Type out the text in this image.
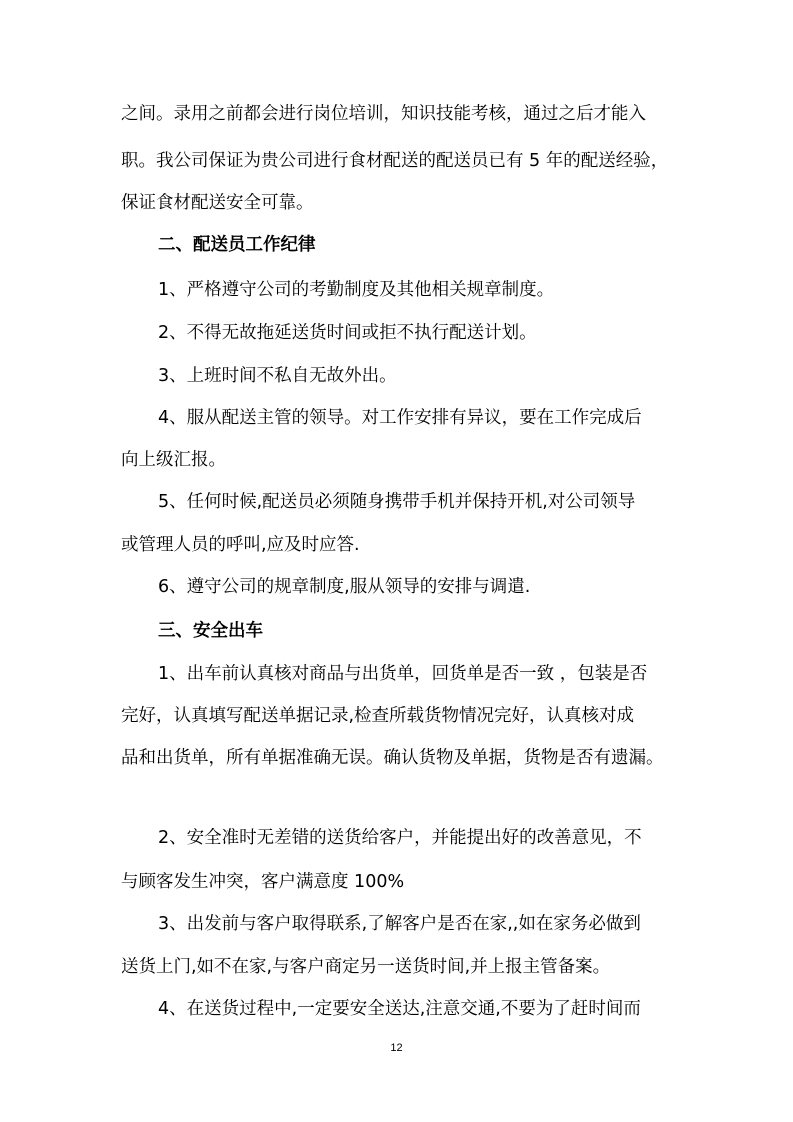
之间。录用之前都会进行岗位培训，知识技能考核，通过之后才能入
职。我公司保证为贵公司进行食材配送的配送员已有 5 年的配送经验，
保证食材配送安全可靠。
二、配送员工作纪律
1、严格遵守公司的考勤制度及其他相关规章制度。
2、不得无故拖延送货时间或拒不执行配送计划。
3、上班时间不私自无故外出。
4、服从配送主管的领导。对工作安排有异议，要在工作完成后
向上级汇报。
5、任何时候,配送员必须随身携带手机并保持开机,对公司领导
或管理人员的呼叫,应及时应答.
6、遵守公司的规章制度,服从领导的安排与调遣.
三、安全出车
1、出车前认真核对商品与出货单，回货单是否一致 ，包装是否
完好，认真填写配送单据记录,检查所载货物情况完好，认真核对成
品和出货单，所有单据准确无误。确认货物及单据，货物是否有遗漏。
2、安全准时无差错的送货给客户，并能提出好的改善意见，不
与顾客发生冲突，客户满意度 100%
3、出发前与客户取得联系,了解客户是否在家,,如在家务必做到
送货上门,如不在家,与客户商定另一送货时间,并上报主管备案。
4、在送货过程中,一定要安全送达,注意交通,不要为了赶时间而
12
